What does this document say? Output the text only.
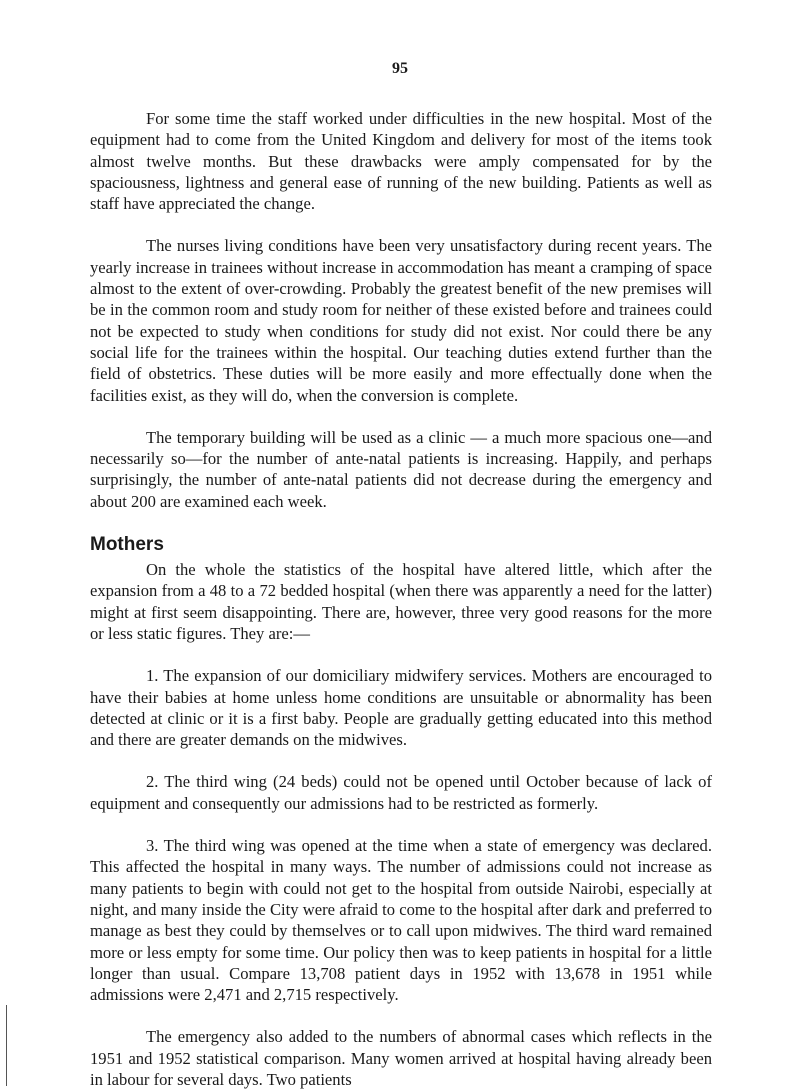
95

For some time the staff worked under difficulties in the new hospital. Most of the equipment had to come from the United Kingdom and delivery for most of the items took almost twelve months. But these drawbacks were amply compensated for by the spaciousness, lightness and general ease of running of the new building. Patients as well as staff have appreciated the change.

The nurses living conditions have been very unsatisfactory during recent years. The yearly increase in trainees without increase in accommodation has meant a cramping of space almost to the extent of over-crowding. Probably the greatest benefit of the new premises will be in the common room and study room for neither of these existed before and trainees could not be expected to study when conditions for study did not exist. Nor could there be any social life for the trainees within the hospital. Our teaching duties extend further than the field of obstetrics. These duties will be more easily and more effectually done when the facilities exist, as they will do, when the conversion is complete.

The temporary building will be used as a clinic — a much more spacious one—and necessarily so—for the number of ante-natal patients is increasing. Happily, and perhaps surprisingly, the number of ante-natal patients did not decrease during the emergency and about 200 are examined each week.

Mothers

On the whole the statistics of the hospital have altered little, which after the expansion from a 48 to a 72 bedded hospital (when there was apparently a need for the latter) might at first seem disappointing. There are, however, three very good reasons for the more or less static figures. They are:—

1. The expansion of our domiciliary midwifery services. Mothers are encouraged to have their babies at home unless home conditions are unsuitable or abnormality has been detected at clinic or it is a first baby. People are gradually getting educated into this method and there are greater demands on the midwives.

2. The third wing (24 beds) could not be opened until October because of lack of equipment and consequently our admissions had to be restricted as formerly.

3. The third wing was opened at the time when a state of emergency was declared. This affected the hospital in many ways. The number of admissions could not increase as many patients to begin with could not get to the hospital from outside Nairobi, especially at night, and many inside the City were afraid to come to the hospital after dark and preferred to manage as best they could by themselves or to call upon midwives. The third ward remained more or less empty for some time. Our policy then was to keep patients in hospital for a little longer than usual. Compare 13,708 patient days in 1952 with 13,678 in 1951 while admissions were 2,471 and 2,715 respectively.

The emergency also added to the numbers of abnormal cases which reflects in the 1951 and 1952 statistical comparison. Many women arrived at hospital having already been in labour for several days. Two patients
